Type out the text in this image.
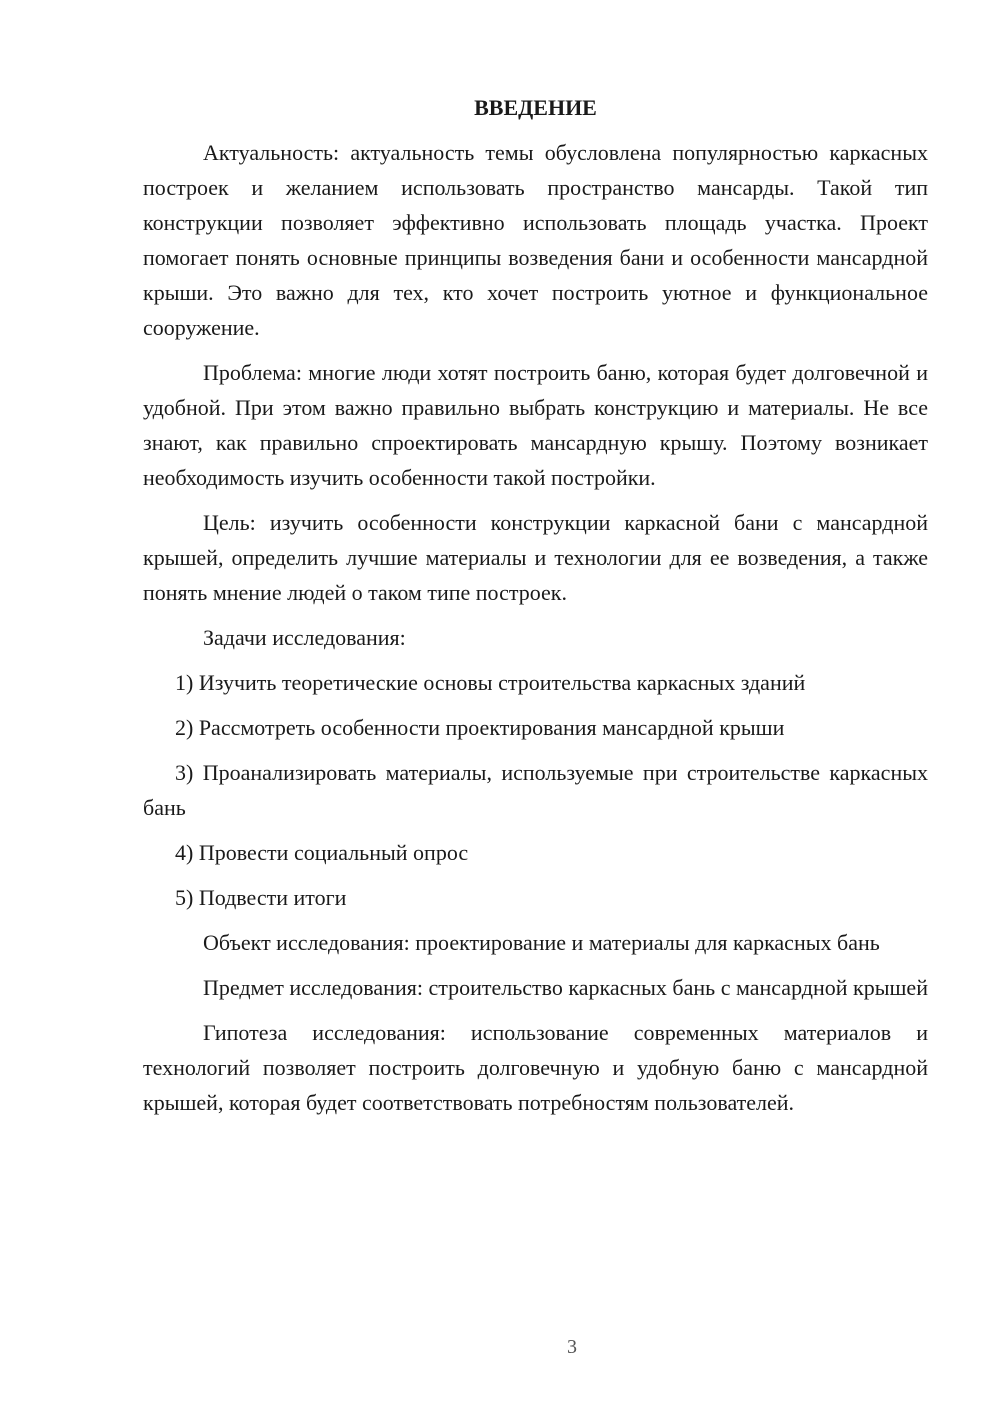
ВВЕДЕНИЕ

Актуальность: актуальность темы обусловлена популярностью каркасных построек и желанием использовать пространство мансарды. Такой тип конструкции позволяет эффективно использовать площадь участка. Проект помогает понять основные принципы возведения бани и особенности мансардной крыши. Это важно для тех, кто хочет построить уютное и функциональное сооружение.

Проблема: многие люди хотят построить баню, которая будет долговечной и удобной. При этом важно правильно выбрать конструкцию и материалы. Не все знают, как правильно спроектировать мансардную крышу. Поэтому возникает необходимость изучить особенности такой постройки.

Цель: изучить особенности конструкции каркасной бани с мансардной крышей, определить лучшие материалы и технологии для ее возведения, а также понять мнение людей о таком типе построек.

Задачи исследования:

1) Изучить теоретические основы строительства каркасных зданий

2) Рассмотреть особенности проектирования мансардной крыши

3) Проанализировать материалы, используемые при строительстве каркасных бань

4) Провести социальный опрос

5) Подвести итоги

Объект исследования: проектирование и материалы для каркасных бань

Предмет исследования: строительство каркасных бань с мансардной крышей

Гипотеза исследования: использование современных материалов и технологий позволяет построить долговечную и удобную баню с мансардной крышей, которая будет соответствовать потребностям пользователей.

3
